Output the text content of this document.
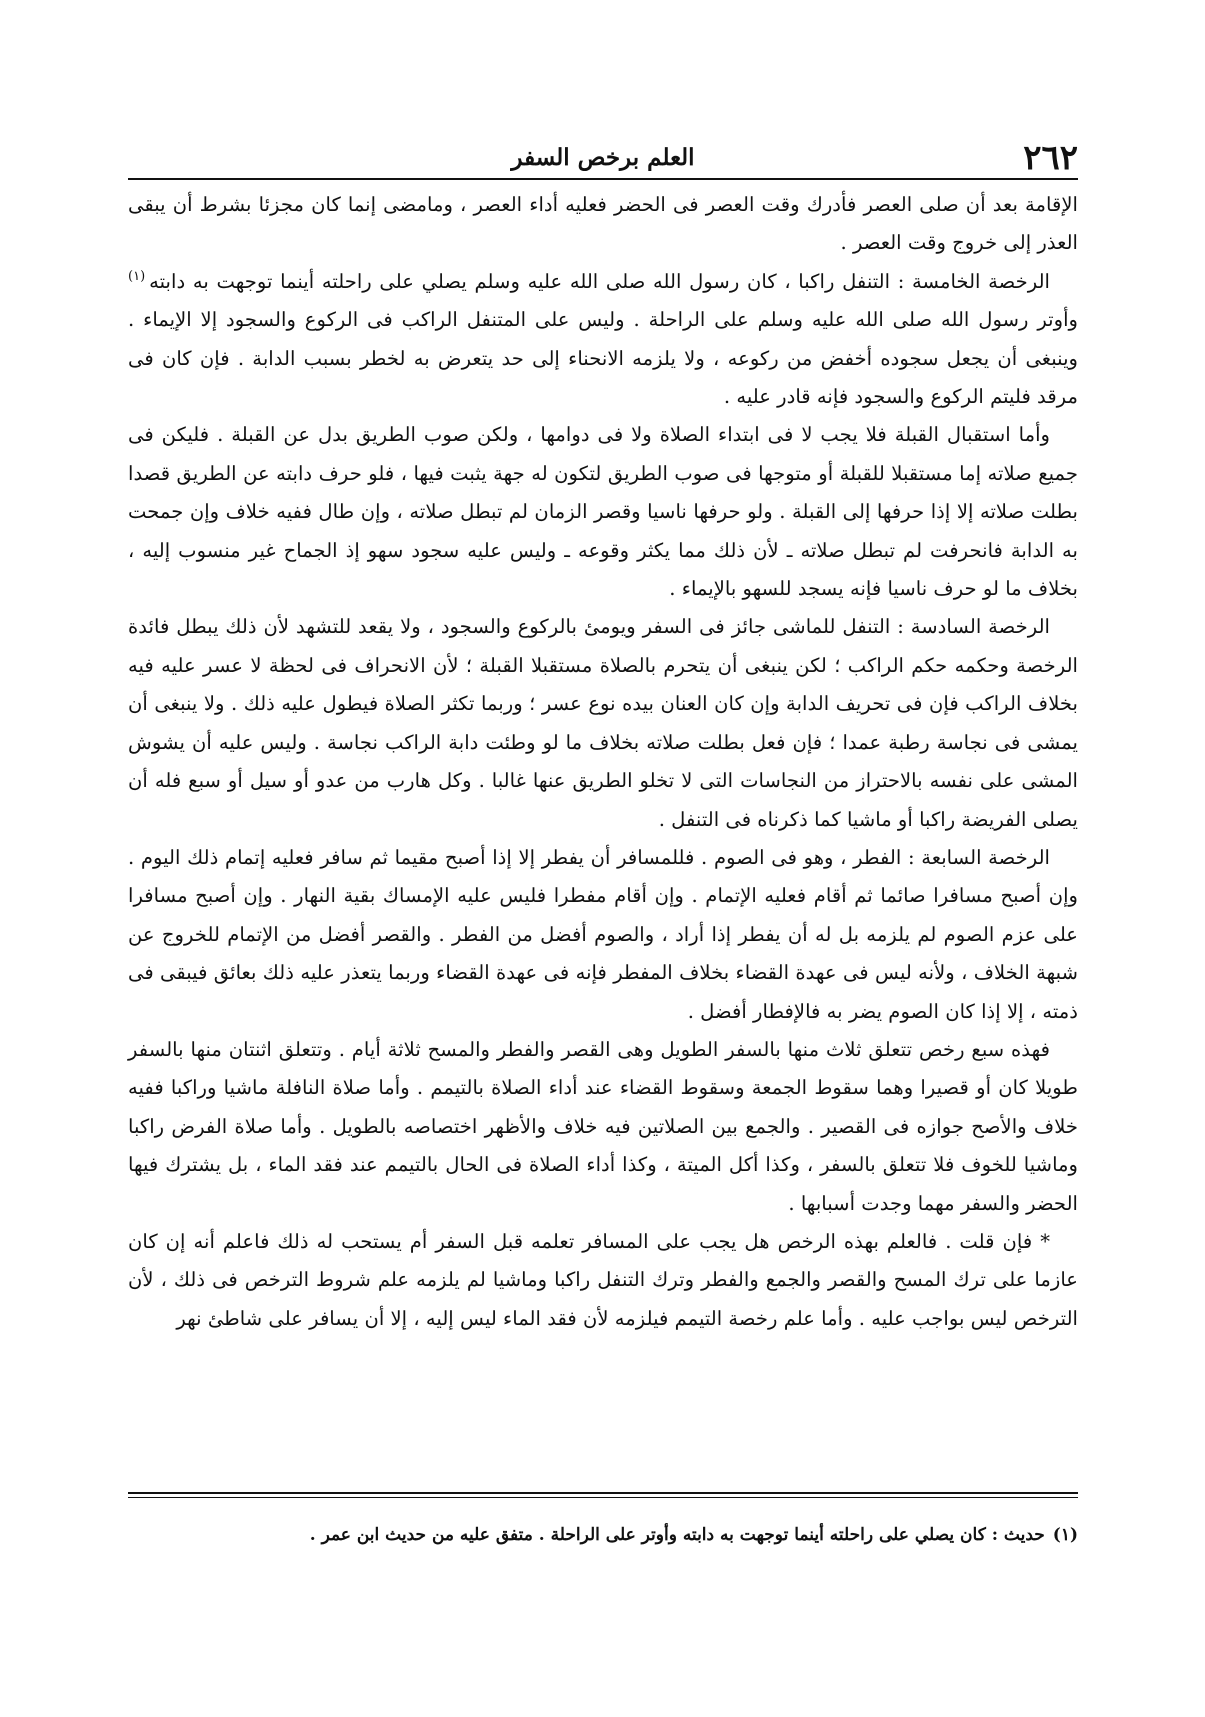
٢٦٢
العلم برخص السفر

الإقامة بعد أن صلى العصر فأدرك وقت العصر فى الحضر فعليه أداء العصر ، ومامضى إنما كان مجزئا بشرط أن يبقى العذر إلى خروج وقت العصر .

الرخصة الخامسة : التنفل راكبا ، كان رسول الله صلى الله عليه وسلم يصلي على راحلته أينما توجهت به دابته$^{(١)}$ وأوتر رسول الله صلى الله عليه وسلم على الراحلة . وليس على المتنفل الراكب فى الركوع والسجود إلا الإيماء . وينبغى أن يجعل سجوده أخفض من ركوعه ، ولا يلزمه الانحناء إلى حد يتعرض به لخطر بسبب الدابة . فإن كان فى مرقد فليتم الركوع والسجود فإنه قادر عليه .

وأما استقبال القبلة فلا يجب لا فى ابتداء الصلاة ولا فى دوامها ، ولكن صوب الطريق بدل عن القبلة . فليكن فى جميع صلاته إما مستقبلا للقبلة أو متوجها فى صوب الطريق لتكون له جهة يثبت فيها ، فلو حرف دابته عن الطريق قصدا بطلت صلاته إلا إذا حرفها إلى القبلة . ولو حرفها ناسيا وقصر الزمان لم تبطل صلاته ، وإن طال ففيه خلاف وإن جمحت به الدابة فانحرفت لم تبطل صلاته ـ لأن ذلك مما يكثر وقوعه ـ وليس عليه سجود سهو إذ الجماح غير منسوب إليه ، بخلاف ما لو حرف ناسيا فإنه يسجد للسهو بالإيماء .

الرخصة السادسة : التنفل للماشى جائز فى السفر ويومئ بالركوع والسجود ، ولا يقعد للتشهد لأن ذلك يبطل فائدة الرخصة وحكمه حكم الراكب ؛ لكن ينبغى أن يتحرم بالصلاة مستقبلا القبلة ؛ لأن الانحراف فى لحظة لا عسر عليه فيه بخلاف الراكب فإن فى تحريف الدابة وإن كان العنان بيده نوع عسر ؛ وربما تكثر الصلاة فيطول عليه ذلك . ولا ينبغى أن يمشى فى نجاسة رطبة عمدا ؛ فإن فعل بطلت صلاته بخلاف ما لو وطئت دابة الراكب نجاسة . وليس عليه أن يشوش المشى على نفسه بالاحتراز من النجاسات التى لا تخلو الطريق عنها غالبا . وكل هارب من عدو أو سيل أو سبع فله أن يصلى الفريضة راكبا أو ماشيا كما ذكرناه فى التنفل .

الرخصة السابعة : الفطر ، وهو فى الصوم . فللمسافر أن يفطر إلا إذا أصبح مقيما ثم سافر فعليه إتمام ذلك اليوم . وإن أصبح مسافرا صائما ثم أقام فعليه الإتمام . وإن أقام مفطرا فليس عليه الإمساك بقية النهار . وإن أصبح مسافرا على عزم الصوم لم يلزمه بل له أن يفطر إذا أراد ، والصوم أفضل من الفطر . والقصر أفضل من الإتمام للخروج عن شبهة الخلاف ، ولأنه ليس فى عهدة القضاء بخلاف المفطر فإنه فى عهدة القضاء وربما يتعذر عليه ذلك بعائق فيبقى فى ذمته ، إلا إذا كان الصوم يضر به فالإفطار أفضل .

فهذه سبع رخص تتعلق ثلاث منها بالسفر الطويل وهى القصر والفطر والمسح ثلاثة أيام . وتتعلق اثنتان منها بالسفر طويلا كان أو قصيرا وهما سقوط الجمعة وسقوط القضاء عند أداء الصلاة بالتيمم . وأما صلاة النافلة ماشيا وراكبا ففيه خلاف والأصح جوازه فى القصير . والجمع بين الصلاتين فيه خلاف والأظهر اختصاصه بالطويل . وأما صلاة الفرض راكبا وماشيا للخوف فلا تتعلق بالسفر ، وكذا أكل الميتة ، وكذا أداء الصلاة فى الحال بالتيمم عند فقد الماء ، بل يشترك فيها الحضر والسفر مهما وجدت أسبابها .

* فإن قلت . فالعلم بهذه الرخص هل يجب على المسافر تعلمه قبل السفر أم يستحب له ذلك فاعلم أنه إن كان عازما على ترك المسح والقصر والجمع والفطر وترك التنفل راكبا وماشيا لم يلزمه علم شروط الترخص فى ذلك ، لأن الترخص ليس بواجب عليه . وأما علم رخصة التيمم فيلزمه لأن فقد الماء ليس إليه ، إلا أن يسافر على شاطئ نهر

(١)حديث : كان يصلي على راحلته أينما توجهت به دابته وأوتر على الراحلة . متفق عليه من حديث ابن عمر .
